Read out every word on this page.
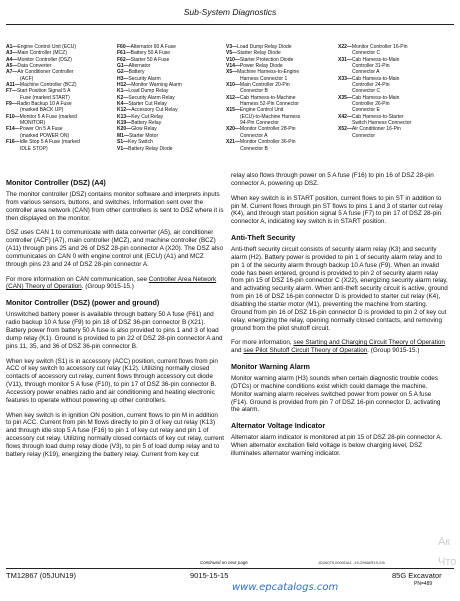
Sub-System Diagnostics
A1—Engine Control Unit (ECU)
A3—Main Controller (MCZ)
A4—Monitor Controller (DSZ)
A5—Data Converter
A7—Air Conditioner Controller
(ACF)
A11—Machine Controller (BCZ)
F7—Start Position Signal 5 A
Fuse (marked START)
F9—Radio Backup 10 A Fuse
(marked BACK UP)
F10—Monitor 5 A Fuse (marked
MONITOR)
F14—Power On 5 A Fuse
(marked POWER ON)
F16—Idle Stop 5 A Fuse (marked
IDLE STOP)
F60—Alternator 60 A Fuse
F61—Battery 50 A Fuse
F62—Starter 50 A Fuse
G1—Alternator
G2—Battery
H3—Security Alarm
H12—Monitor Warning Alarm
K1—Load Dump Relay
K2—Security Alarm Relay
K4—Starter Cut Relay
K12—Accessory Cut Relay
K13—Key Cut Relay
K19—Battery Relay
K20—Glow Relay
M1—Starter Motor
S1—Key Switch
V1—Battery Relay Diode
V3—Load Dump Relay Diode
V5—Starter Relay Diode
V10—Starter Protection Diode
V14—Power Relay Diode
X5—Machine Harness-to-Engine
Harness Connector 1
X10—Main Controller 20-Pin
Connector B
X12—Cab Harness-to-Machine
Harness 52-Pin Connector
X15—Engine Control Unit
(ECU)-to-Machine Harness
94-Pin Connector
X20—Monitor Controller 28-Pin
Connector A
X21—Monitor Controller 36-Pin
Connector B
X22—Monitor Controller 16-Pin
Connector C
X31—Cab Harness-to-Main
Controller 31-Pin
Connector A
X33—Cab Harness-to-Main
Controller 24-Pin
Connector C
X35—Cab Harness-to-Main
Controller 26-Pin
Connector E
X42—Cab Harness-to-Starter
Switch Harness Connector
X52—Air Conditioner 16-Pin
Connector
Monitor Controller (DSZ) (A4)

The monitor controller (DSZ) contains monitor software and interprets inputs from various sensors, buttons, and switches. Information sent over the controller area network (CAN) from other controllers is sent to DSZ where it is then displayed on the monitor.

DSZ uses CAN 1 to communicate with data converter (A5), air conditioner controller (ACF) (A7), main controller (MCZ), and machine controller (BCZ) (A11) through pins 25 and 26 of DSZ 28-pin connector A (X20). The DSZ also communicates on CAN 0 with engine control unit (ECU) (A1) and MCZ through pins 23 and 24 of DSZ 28-pin connector A.

For more information on CAN communication, see Controller Area Network (CAN) Theory of Operation. (Group 9015-15.)

Monitor Controller (DSZ) (power and ground)

Unswitched battery power is available through battery 50 A fuse (F61) and radio backup 10 A fuse (F9) to pin 18 of DSZ 36-pin connector B (X21). Battery power from battery 50 A fuse is also provided to pins 1 and 3 of load dump relay (K1). Ground is provided to pin 22 of DSZ 28-pin connector A and pins 11, 35, and 36 of DSZ 36-pin connector B.

When key switch (S1) is in accessory (ACC) position, current flows from pin ACC of key switch to accessory cut relay (K12). Utilizing normally closed contacts of accessory cut relay, current flows through accessory cut diode (V11), through monitor 5 A fuse (F10), to pin 17 of DSZ 36-pin connector B. Accessory power enables radio and air conditioning and heating electronic features to operate without powering up other controllers.

When key switch is in ignition ON position, current flows to pin M in addition to pin ACC. Current from pin M flows directly to pin 3 of key cut relay (K13) and through idle stop 5 A fuse (F16) to pin 1 of key cut relay and pin 1 of accessory cut relay. Utilizing normally closed contacts of key cut relay, current flows through load dump relay diode (V3), to pin 5 of load dump relay and to battery relay (K19), energizing the battery relay. Current from key cut

relay also flows through power on 5 A fuse (F16) to pin 16 of DSZ 28-pin connector A, powering up DSZ.

When key switch is in START position, current flows to pin ST in addition to pin M. Current flows through pin ST flows to pins 1 and 3 of starter cut relay (K4), and through start position signal 5 A fuse (F7) to pin 17 of DSZ 28-pin connector A, indicating key switch is in START position.

Anti-Theft Security

Anti-theft security circuit consists of security alarm relay (K3) and security alarm (H2). Battery power is provided to pin 1 of security alarm relay and to pin 1 of the security alarm through backup 10 A fuse (F9). When an invalid code has been entered, ground is provided to pin 2 of security alarm relay from pin 15 of DSZ 16-pin connector C (X22), energizing security alarm relay, and activating security alarm. When anti-theft security circuit is active, ground from pin 16 of DSZ 16-pin connector D is provided to starter cut relay (K4), disabling the starter motor (M1), preventing the machine from starting. Ground from pin 16 of DSZ 16-pin connector D is provided to pin 2 of key cut relay, energizing the relay, opening normally closed contacts, and removing ground from the pilot shutoff circuit.

For more information, see Starting and Charging Circuit Theory of Operation and see Pilot Shutoff Circuit Theory of Operation. (Group 9015-15.)

Monitor Warning Alarm

Monitor warning alarm (H3) sounds when certain diagnostic trouble codes (DTCs) or machine conditions exist which could damage the machine. Monitor warning alarm receives switched power from power on 5 A fuse (F14). Ground is provided from pin 7 of DSZ 16-pin connector D, activating the alarm.

Alternator Voltage Indicator

Alternator alarm indicator is monitored at pin 15 of DSZ 28-pin connector A. When alternator excitation field voltage is below charging level, DSZ illuminates alternator warning indicator.

Continued on next page	JD26079,0000DA1 -19-29MAR19-2/6
TM12867 (05JUN19)	9015-15-15	85G Excavator
PN=489
www.epcatalogs.com
Ак
Что
